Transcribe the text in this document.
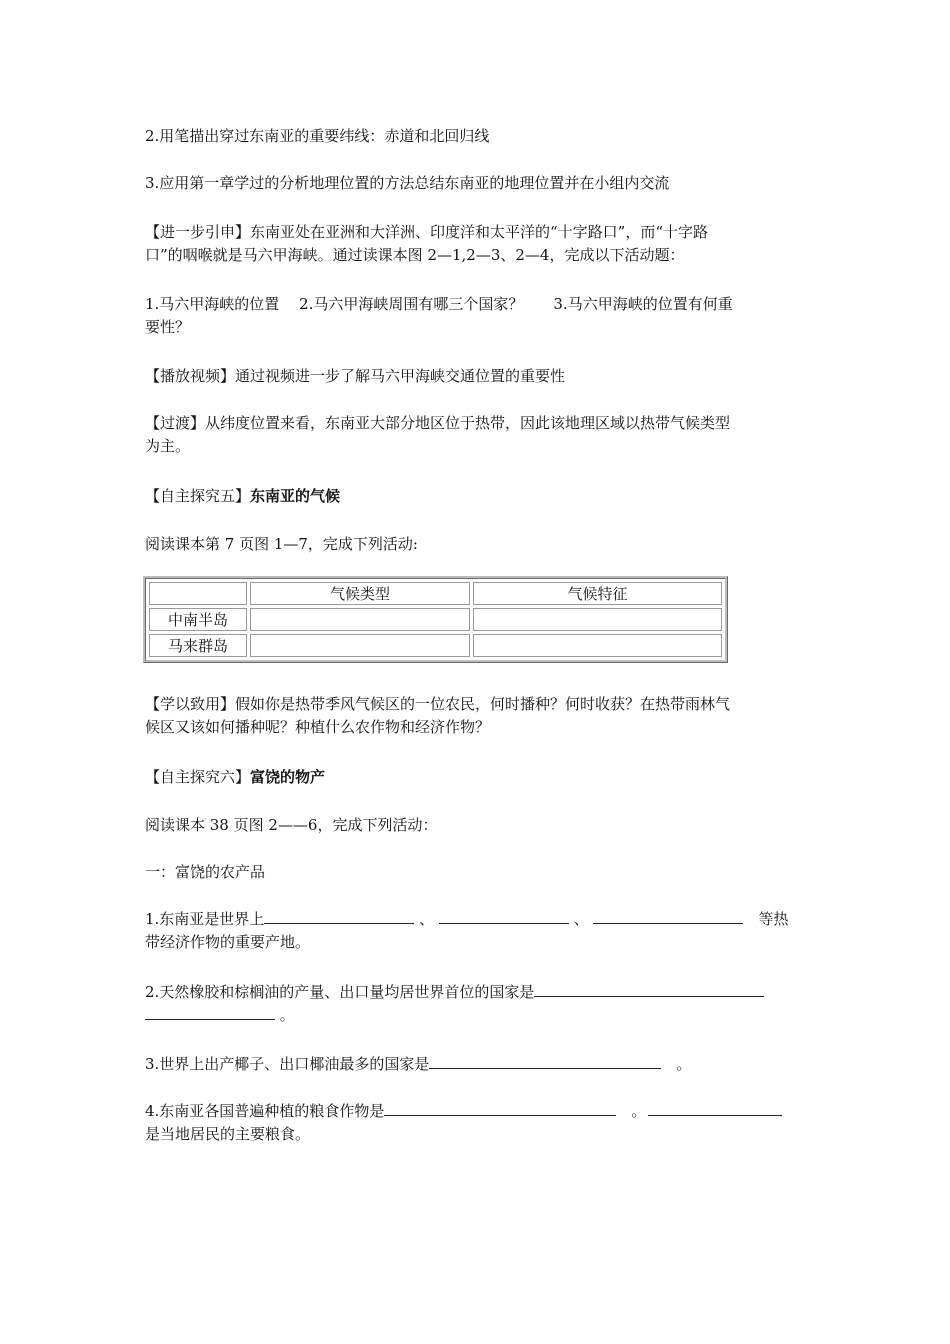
2.用笔描出穿过东南亚的重要纬线：赤道和北回归线

3.应用第一章学过的分析地理位置的方法总结东南亚的地理位置并在小组内交流

【进一步引申】东南亚处在亚洲和大洋洲、印度洋和太平洋的“十字路口”，而“十字路
口”的咽喉就是马六甲海峡。通过读课本图 2—1,2—3、2—4，完成以下活动题：
1.马六甲海峡的位置　 2.马六甲海峡周围有哪三个国家？　　3.马六甲海峡的位置有何重
要性？

【播放视频】通过视频进一步了解马六甲海峡交通位置的重要性

【过渡】从纬度位置来看，东南亚大部分地区位于热带，因此该地理区域以热带气候类型
为主。

【自主探究五】东南亚的气候

阅读课本第 7 页图 1—7，完成下列活动:

	气候类型	气候特征
中南半岛		
马来群岛		
【学以致用】假如你是热带季风气候区的一位农民，何时播种？何时收获？在热带雨林气
候区又该如何播种呢？种植什么农作物和经济作物？

【自主探究六】富饶的物产

阅读课本 38 页图 2——6，完成下列活动：

一：富饶的农产品

1.东南亚是世界上	、	、 　	等热
带经济作物的重要产地。
2.天然橡胶和棕榈油的产量、出口量均居世界首位的国家是
。
3.世界上出产椰子、出口椰油最多的国家是　	。
4.东南亚各国普遍种植的粮食作物是　	。
是当地居民的主要粮食。
